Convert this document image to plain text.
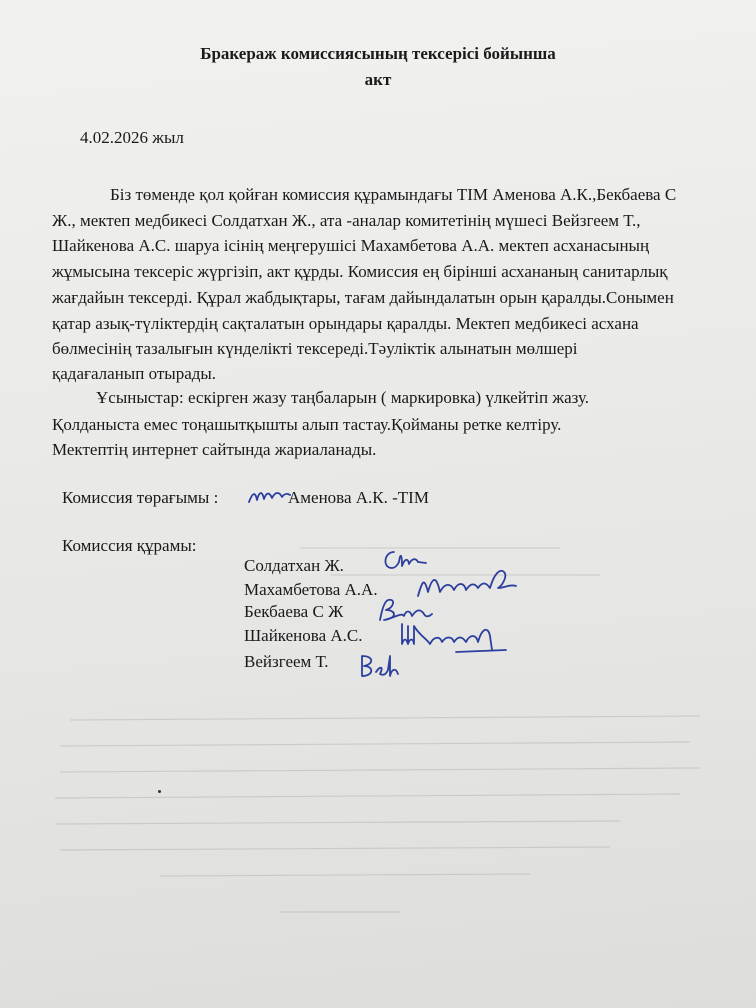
Бракераж комиссиясының тексерісі бойынша
акт
4.02.2026 жыл
Біз төменде қол қойған комиссия құрамындағы ТІМ Аменова А.К.,Бекбаева С
Ж., мектеп медбикесі Солдатхан Ж., ата -аналар комитетінің мүшесі Вейзгеем Т.,
Шайкенова А.С. шаруа ісінің меңгерушісі Махамбетова А.А. мектеп асханасының
жұмысына тексеріс жүргізіп, акт құрды. Комиссия ең бірінші асхананың санитарлық
жағдайын тексерді. Құрал жабдықтары, тағам дайындалатын орын қаралды.Сонымен
қатар азық-түліктердің сақталатын орындары қаралды. Мектеп медбикесі асхана
бөлмесінің тазалығын күнделікті тексереді.Тәуліктік алынатын мөлшері
қадағаланып отырады.
Ұсыныстар: ескірген жазу таңбаларын ( маркировка) үлкейтіп жазу.
Қолданыста емес тоңашытқышты алып тастау.Қойманы ретке келтіру.
Мектептің интернет сайтында жариаланады.
Комиссия төрағымы :	Аменова А.К. -ТІМ
Комиссия құрамы:
Солдатхан Ж.
Махамбетова А.А.
Бекбаева С Ж
Шайкенова А.С.
Вейзгеем Т.
